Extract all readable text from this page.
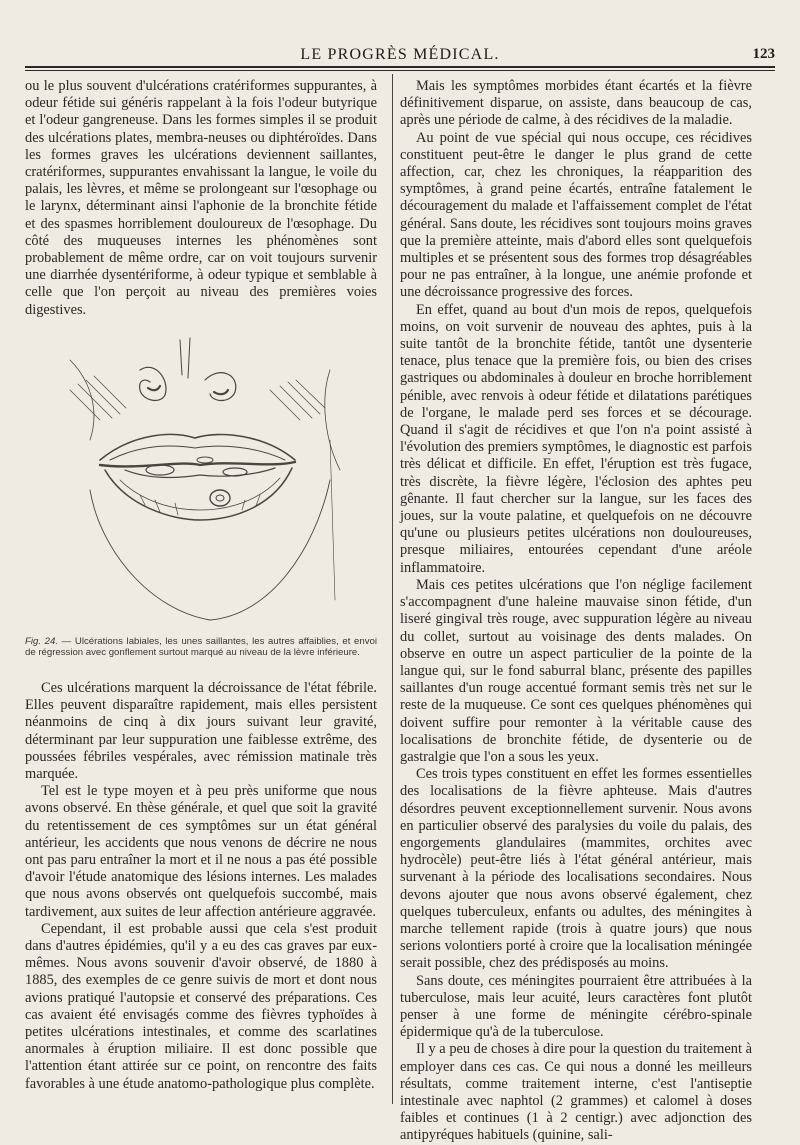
LE PROGRÈS MÉDICAL.	123

ou le plus souvent d'ulcérations cratériformes suppurantes, à odeur fétide sui généris rappelant à la fois l'odeur butyrique et l'odeur gangreneuse. Dans les formes simples il se produit des ulcérations plates, membra-neuses ou diphtéroïdes. Dans les formes graves les ulcérations deviennent saillantes, cratériformes, suppurantes envahissant la langue, le voile du palais, les lèvres, et même se prolongeant sur l'œsophage ou le larynx, déterminant ainsi l'aphonie de la bronchite fétide et des spasmes horriblement douloureux de l'œsophage. Du côté des muqueuses internes les phénomènes sont probablement de même ordre, car on voit toujours survenir une diarrhée dysentériforme, à odeur typique et semblable à celle que l'on perçoit au niveau des premières voies digestives.

Fig. 24. — Ulcérations labiales, les unes saillantes, les autres affaiblies, et envoi de régression avec gonflement surtout marqué au niveau de la lèvre inférieure.

Ces ulcérations marquent la décroissance de l'état fébrile. Elles peuvent disparaître rapidement, mais elles persistent néanmoins de cinq à dix jours suivant leur gravité, déterminant par leur suppuration une faiblesse extrême, des poussées fébriles vespérales, avec rémission matinale très marquée.

Tel est le type moyen et à peu près uniforme que nous avons observé. En thèse générale, et quel que soit la gravité du retentissement de ces symptômes sur un état général antérieur, les accidents que nous venons de décrire ne nous ont pas paru entraîner la mort et il ne nous a pas été possible d'avoir l'étude anatomique des lésions internes. Les malades que nous avons observés ont quelquefois succombé, mais tardivement, aux suites de leur affection antérieure aggravée.

Cependant, il est probable aussi que cela s'est produit dans d'autres épidémies, qu'il y a eu des cas graves par eux-mêmes. Nous avons souvenir d'avoir observé, de 1880 à 1885, des exemples de ce genre suivis de mort et dont nous avions pratiqué l'autopsie et conservé des préparations. Ces cas avaient été envisagés comme des fièvres typhoïdes à petites ulcérations intestinales, et comme des scarlatines anormales à éruption miliaire. Il est donc possible que l'attention étant attirée sur ce point, on rencontre des faits favorables à une étude anatomo-pathologique plus complète.

Mais les symptômes morbides étant écartés et la fièvre définitivement disparue, on assiste, dans beaucoup de cas, après une période de calme, à des récidives de la maladie.

Au point de vue spécial qui nous occupe, ces récidives constituent peut-être le danger le plus grand de cette affection, car, chez les chroniques, la réapparition des symptômes, à grand peine écartés, entraîne fatalement le découragement du malade et l'affaissement complet de l'état général. Sans doute, les récidives sont toujours moins graves que la première atteinte, mais d'abord elles sont quelquefois multiples et se présentent sous des formes trop désagréables pour ne pas entraîner, à la longue, une anémie profonde et une décroissance progressive des forces.

En effet, quand au bout d'un mois de repos, quelquefois moins, on voit survenir de nouveau des aphtes, puis à la suite tantôt de la bronchite fétide, tantôt une dysenterie tenace, plus tenace que la première fois, ou bien des crises gastriques ou abdominales à douleur en broche horriblement pénible, avec renvois à odeur fétide et dilatations parétiques de l'organe, le malade perd ses forces et se décourage. Quand il s'agit de récidives et que l'on n'a point assisté à l'évolution des premiers symptômes, le diagnostic est parfois très délicat et difficile. En effet, l'éruption est très fugace, très discrète, la fièvre légère, l'éclosion des aphtes peu gênante. Il faut chercher sur la langue, sur les faces des joues, sur la voute palatine, et quelquefois on ne découvre qu'une ou plusieurs petites ulcérations non douloureuses, presque miliaires, entourées cependant d'une aréole inflammatoire.

Mais ces petites ulcérations que l'on néglige facilement s'accompagnent d'une haleine mauvaise sinon fétide, d'un liseré gingival très rouge, avec suppuration légère au niveau du collet, surtout au voisinage des dents malades. On observe en outre un aspect particulier de la pointe de la langue qui, sur le fond saburral blanc, présente des papilles saillantes d'un rouge accentué formant semis très net sur le reste de la muqueuse. Ce sont ces quelques phénomènes qui doivent suffire pour remonter à la véritable cause des localisations de bronchite fétide, de dysenterie ou de gastralgie que l'on a sous les yeux.

Ces trois types constituent en effet les formes essentielles des localisations de la fièvre aphteuse. Mais d'autres désordres peuvent exceptionnellement survenir. Nous avons en particulier observé des paralysies du voile du palais, des engorgements glandulaires (mammites, orchites avec hydrocèle) peut-être liés à l'état général antérieur, mais survenant à la période des localisations secondaires. Nous devons ajouter que nous avons observé également, chez quelques tuberculeux, enfants ou adultes, des méningites à marche tellement rapide (trois à quatre jours) que nous serions volontiers porté à croire que la localisation méningée serait possible, chez des prédisposés au moins.

Sans doute, ces méningites pourraient être attribuées à la tuberculose, mais leur acuité, leurs caractères font plutôt penser à une forme de méningite cérébro-spinale épidermique qu'à de la tuberculose.

Il y a peu de choses à dire pour la question du traitement à employer dans ces cas. Ce qui nous a donné les meilleurs résultats, comme traitement interne, c'est l'antiseptie intestinale avec naphtol (2 grammes) et calomel à doses faibles et continues (1 à 2 centigr.) avec adjonction des antipyréques habituels (quinine, sali-
